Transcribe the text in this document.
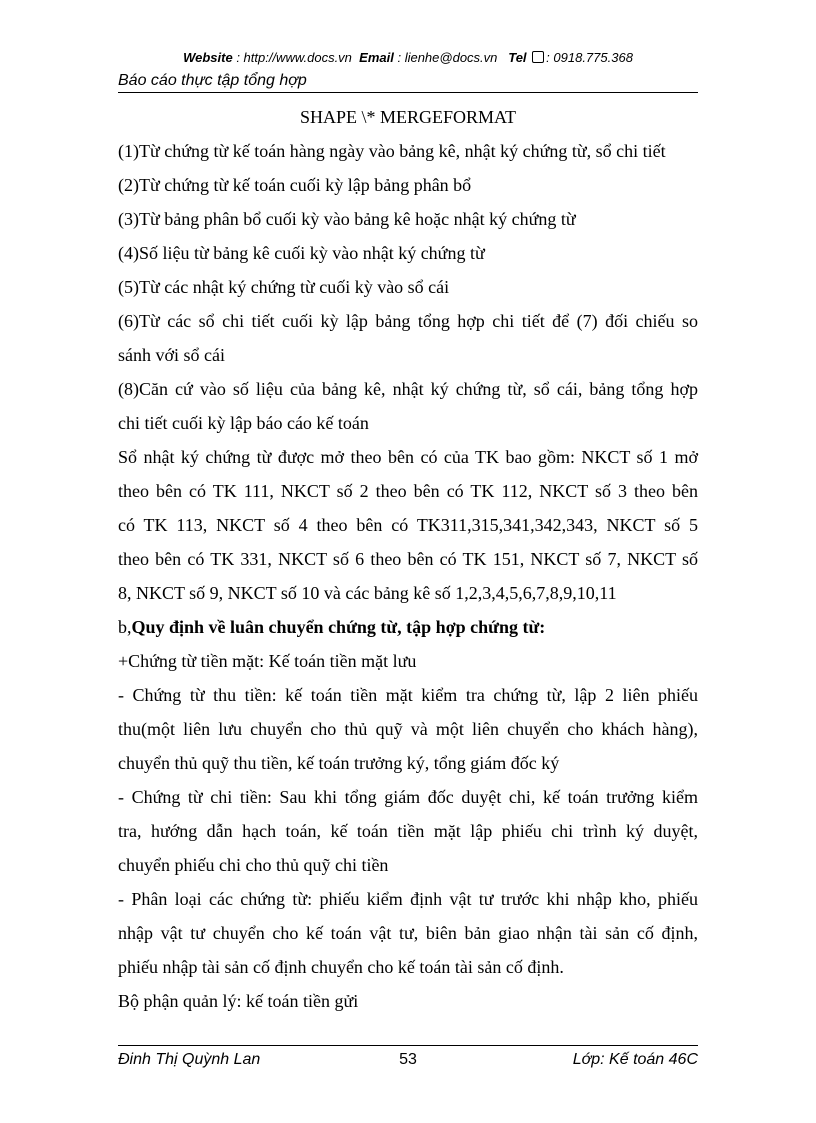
Website : http://www.docs.vn Email : lienhe@docs.vn Tel : 0918.775.368
Báo cáo thực tập tổng hợp
SHAPE \* MERGEFORMAT
(1)Từ chứng từ kế toán hàng ngày vào bảng kê, nhật ký chứng từ, sổ chi tiết
(2)Từ chứng từ kế toán cuối kỳ lập bảng phân bổ
(3)Từ bảng phân bổ cuối kỳ vào bảng kê hoặc nhật ký chứng từ
(4)Số liệu từ bảng kê cuối kỳ vào nhật ký chứng từ
(5)Từ các nhật ký chứng từ cuối kỳ vào sổ cái
(6)Từ các sổ chi tiết cuối kỳ lập bảng tổng hợp chi tiết để (7) đối chiếu so
sánh với sổ cái
(8)Căn cứ vào số liệu của bảng kê, nhật ký chứng từ, sổ cái, bảng tổng hợp
chi tiết cuối kỳ lập báo cáo kế toán
Sổ nhật ký chứng từ được mở theo bên có của TK bao gồm: NKCT số 1 mở
theo bên có TK 111, NKCT số 2 theo bên có TK 112, NKCT số 3 theo bên
có TK 113, NKCT số 4 theo bên có TK311,315,341,342,343, NKCT số 5
theo bên có TK 331, NKCT số 6 theo bên có TK 151, NKCT số 7, NKCT số
8, NKCT số 9, NKCT số 10 và các bảng kê số 1,2,3,4,5,6,7,8,9,10,11
b,Quy định về luân chuyển chứng từ, tập hợp chứng từ:
+Chứng từ tiền mặt: Kế toán tiền mặt lưu
- Chứng từ thu tiền: kế toán tiền mặt kiểm tra chứng từ, lập 2 liên phiếu
thu(một liên lưu chuyển cho thủ quỹ và một liên chuyển cho khách hàng),
chuyển thủ quỹ thu tiền, kế toán trưởng ký, tổng giám đốc ký
- Chứng từ chi tiền: Sau khi tổng giám đốc duyệt chi, kế toán trưởng kiểm
tra, hướng dẫn hạch toán, kế toán tiền mặt lập phiếu chi trình ký duyệt,
chuyển phiếu chi cho thủ quỹ chi tiền
- Phân loại các chứng từ: phiếu kiểm định vật tư trước khi nhập kho, phiếu
nhập vật tư chuyển cho kế toán vật tư, biên bản giao nhận tài sản cố định,
phiếu nhập tài sản cố định chuyển cho kế toán tài sản cố định.
Bộ phận quản lý: kế toán tiền gửi
Đinh Thị Quỳnh Lan	53	Lớp: Kế toán 46C
